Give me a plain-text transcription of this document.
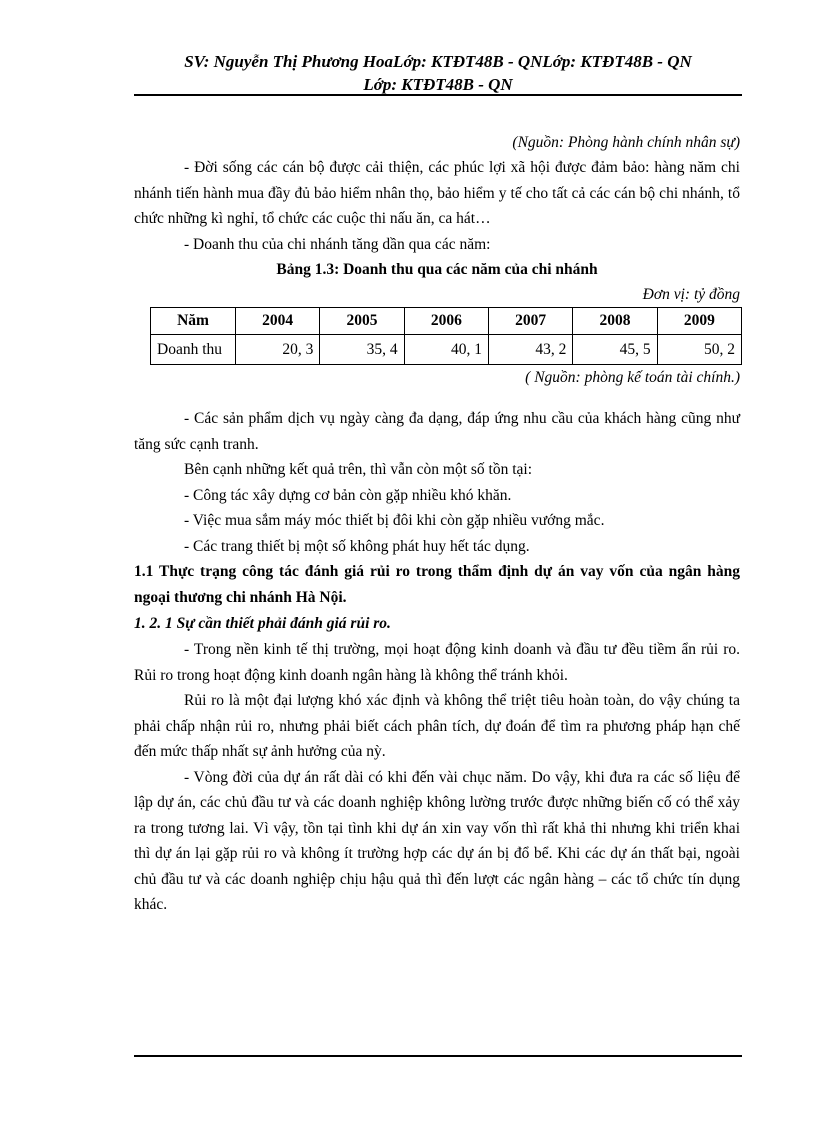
SV: Nguyễn Thị Phương HoaLớp: KTĐT48B - QNLớp: KTĐT48B - QN
Lớp: KTĐT48B - QN

(Nguồn: Phòng hành chính nhân sự)

- Đời sống các cán bộ được cải thiện, các phúc lợi xã hội được đảm bảo: hàng năm chi nhánh tiến hành mua đầy đủ bảo hiểm nhân thọ, bảo hiểm y tế cho tất cả các cán bộ chi nhánh, tổ chức những kì nghỉ, tổ chức các cuộc thi nấu ăn, ca hát…

- Doanh thu của chi nhánh tăng dần qua các năm:

Bảng 1.3: Doanh thu qua các năm của chi nhánh

Đơn vị: tỷ đồng

Năm	2004	2005	2006	2007	2008	2009
Doanh thu	20, 3	35, 4	40, 1	43, 2	45, 5	50, 2

( Nguồn: phòng kế toán tài chính.)

- Các sản phẩm dịch vụ ngày càng đa dạng, đáp ứng nhu cầu của khách hàng cũng như tăng sức cạnh tranh.

Bên cạnh những kết quả trên, thì vẫn còn một số tồn tại:

- Công tác xây dựng cơ bản còn gặp nhiều khó khăn.

- Việc mua sắm máy móc thiết bị đôi khi còn gặp nhiều vướng mắc.

- Các trang thiết bị một số không phát huy hết tác dụng.

1.1 Thực trạng công tác đánh giá rủi ro trong thẩm định dự án vay vốn của ngân hàng ngoại thương chi nhánh Hà Nội.

1. 2. 1 Sự cần thiết phải đánh giá rủi ro.

- Trong nền kinh tế thị trường, mọi hoạt động kinh doanh và đầu tư đều tiềm ẩn rủi ro. Rủi ro trong hoạt động kinh doanh ngân hàng là không thể tránh khỏi.

Rủi ro là một đại lượng khó xác định và không thể triệt tiêu hoàn toàn, do vậy chúng ta phải chấp nhận rủi ro, nhưng phải biết cách phân tích, dự đoán để tìm ra phương pháp hạn chế đến mức thấp nhất sự ảnh hưởng của nỳ.

- Vòng đời của dự án rất dài có khi đến vài chục năm. Do vậy, khi đưa ra các số liệu để lập dự án, các chủ đầu tư và các doanh nghiệp không lường trước được những biến cố có thể xảy ra trong tương lai. Vì vậy, tồn tại tình khi dự án xin vay vốn thì rất khả thi nhưng khi triển khai thì dự án lại gặp rủi ro và không ít trường hợp các dự án bị đổ bể. Khi các dự án thất bại, ngoài chủ đầu tư và các doanh nghiệp chịu hậu quả thì đến lượt các ngân hàng – các tổ chức tín dụng khác.
